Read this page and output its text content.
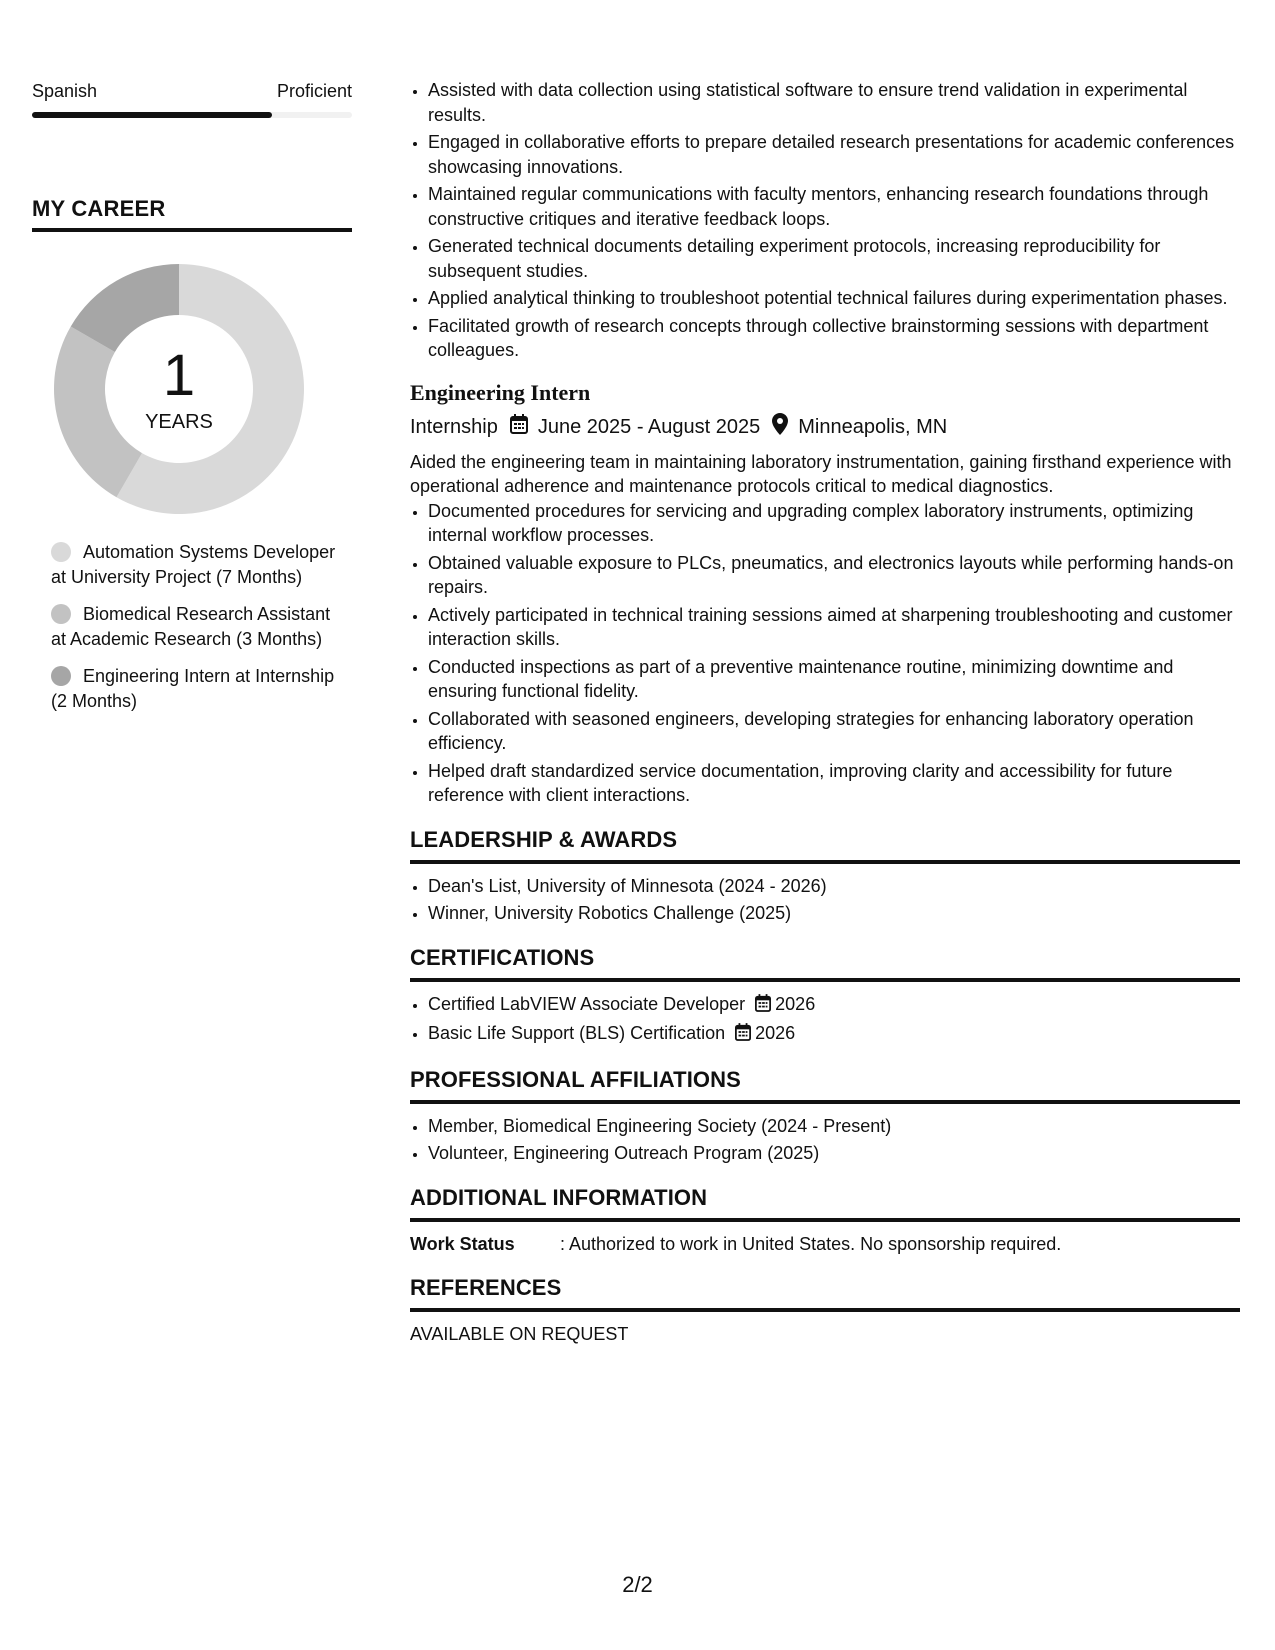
Spanish	Proficient
MY CAREER
1
YEARS
Automation Systems Developer at University Project (7 Months)
Biomedical Research Assistant at Academic Research (3 Months)
Engineering Intern at Internship (2 Months)
• Assisted with data collection using statistical software to ensure trend validation in experimental results.
• Engaged in collaborative efforts to prepare detailed research presentations for academic conferences showcasing innovations.
• Maintained regular communications with faculty mentors, enhancing research foundations through constructive critiques and iterative feedback loops.
• Generated technical documents detailing experiment protocols, increasing reproducibility for subsequent studies.
• Applied analytical thinking to troubleshoot potential technical failures during experimentation phases.
• Facilitated growth of research concepts through collective brainstorming sessions with department colleagues.
Engineering Intern
Internship June 2025 - August 2025 Minneapolis, MN
Aided the engineering team in maintaining laboratory instrumentation, gaining firsthand experience with operational adherence and maintenance protocols critical to medical diagnostics.
• Documented procedures for servicing and upgrading complex laboratory instruments, optimizing internal workflow processes.
• Obtained valuable exposure to PLCs, pneumatics, and electronics layouts while performing hands-on repairs.
• Actively participated in technical training sessions aimed at sharpening troubleshooting and customer interaction skills.
• Conducted inspections as part of a preventive maintenance routine, minimizing downtime and ensuring functional fidelity.
• Collaborated with seasoned engineers, developing strategies for enhancing laboratory operation efficiency.
• Helped draft standardized service documentation, improving clarity and accessibility for future reference with client interactions.
LEADERSHIP & AWARDS
• Dean's List, University of Minnesota (2024 - 2026)
• Winner, University Robotics Challenge (2025)
CERTIFICATIONS
• Certified LabVIEW Associate Developer 2026
• Basic Life Support (BLS) Certification 2026
PROFESSIONAL AFFILIATIONS
• Member, Biomedical Engineering Society (2024 - Present)
• Volunteer, Engineering Outreach Program (2025)
ADDITIONAL INFORMATION
Work Status	: Authorized to work in United States. No sponsorship required.
REFERENCES
AVAILABLE ON REQUEST
2/2
